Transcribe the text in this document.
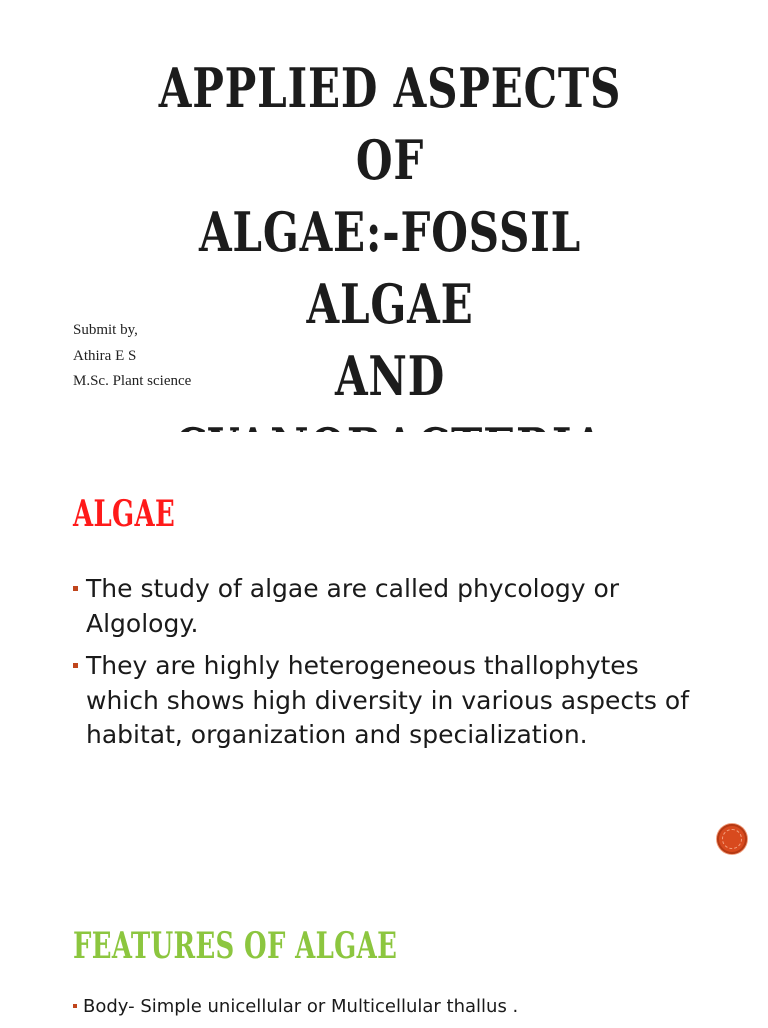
APPLIED ASPECTS OF
ALGAE:-FOSSIL ALGAE
AND
Submit by,
Athira E S
M.Sc. Plant science
ALGAE
The study of algae are called phycology or Algology.
They are highly heterogeneous thallophytes which shows high diversity in various aspects of habitat, organization and specialization.
FEATURES OF ALGAE
Body- Simple unicellular or Multicellular thallus .
